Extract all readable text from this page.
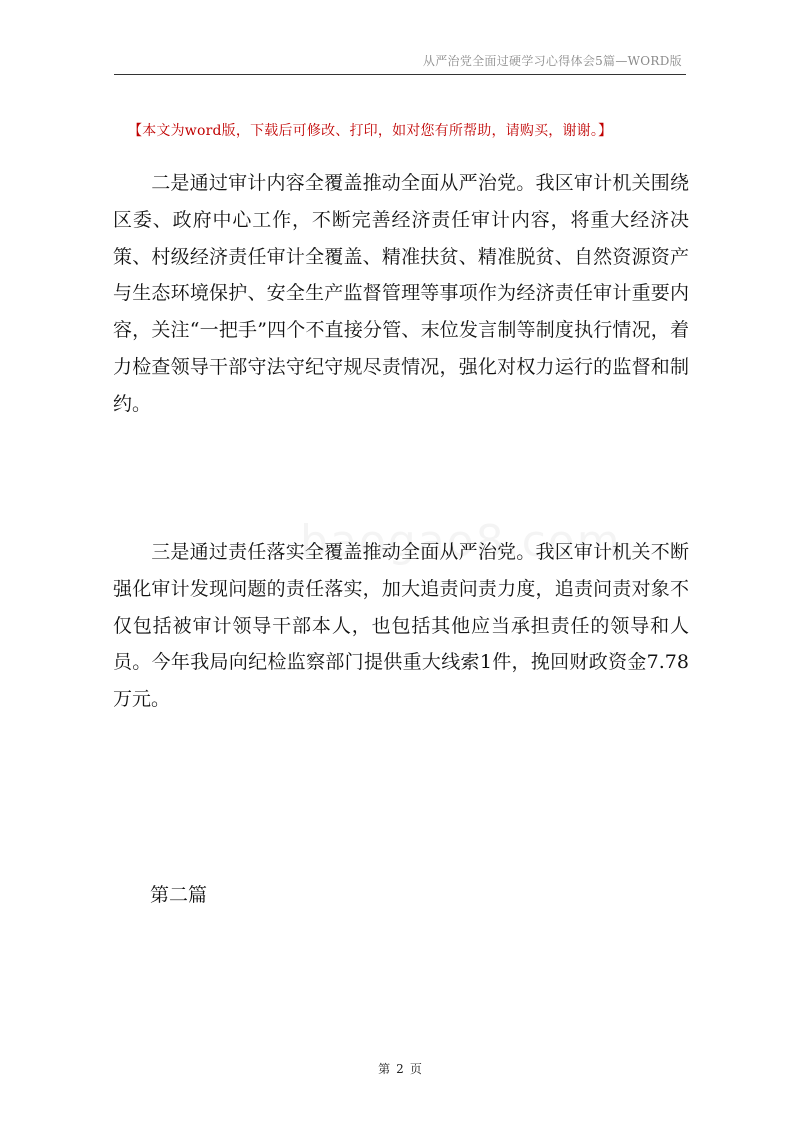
从严治党全面过硬学习心得体会5篇—WORD版
【本文为word版，下载后可修改、打印，如对您有所帮助，请购买，谢谢。】

二是通过审计内容全覆盖推动全面从严治党。我区审计机关围绕区委、政府中心工作，不断完善经济责任审计内容，将重大经济决策、村级经济责任审计全覆盖、精准扶贫、精准脱贫、自然资源资产与生态环境保护、安全生产监督管理等事项作为经济责任审计重要内容，关注“一把手”四个不直接分管、末位发言制等制度执行情况，着力检查领导干部守法守纪守规尽责情况，强化对权力运行的监督和制约。

三是通过责任落实全覆盖推动全面从严治党。我区审计机关不断强化审计发现问题的责任落实，加大追责问责力度，追责问责对象不仅包括被审计领导干部本人，也包括其他应当承担责任的领导和人员。今年我局向纪检监察部门提供重大线索1件，挽回财政资金7.78万元。

第二篇
第 2 页
